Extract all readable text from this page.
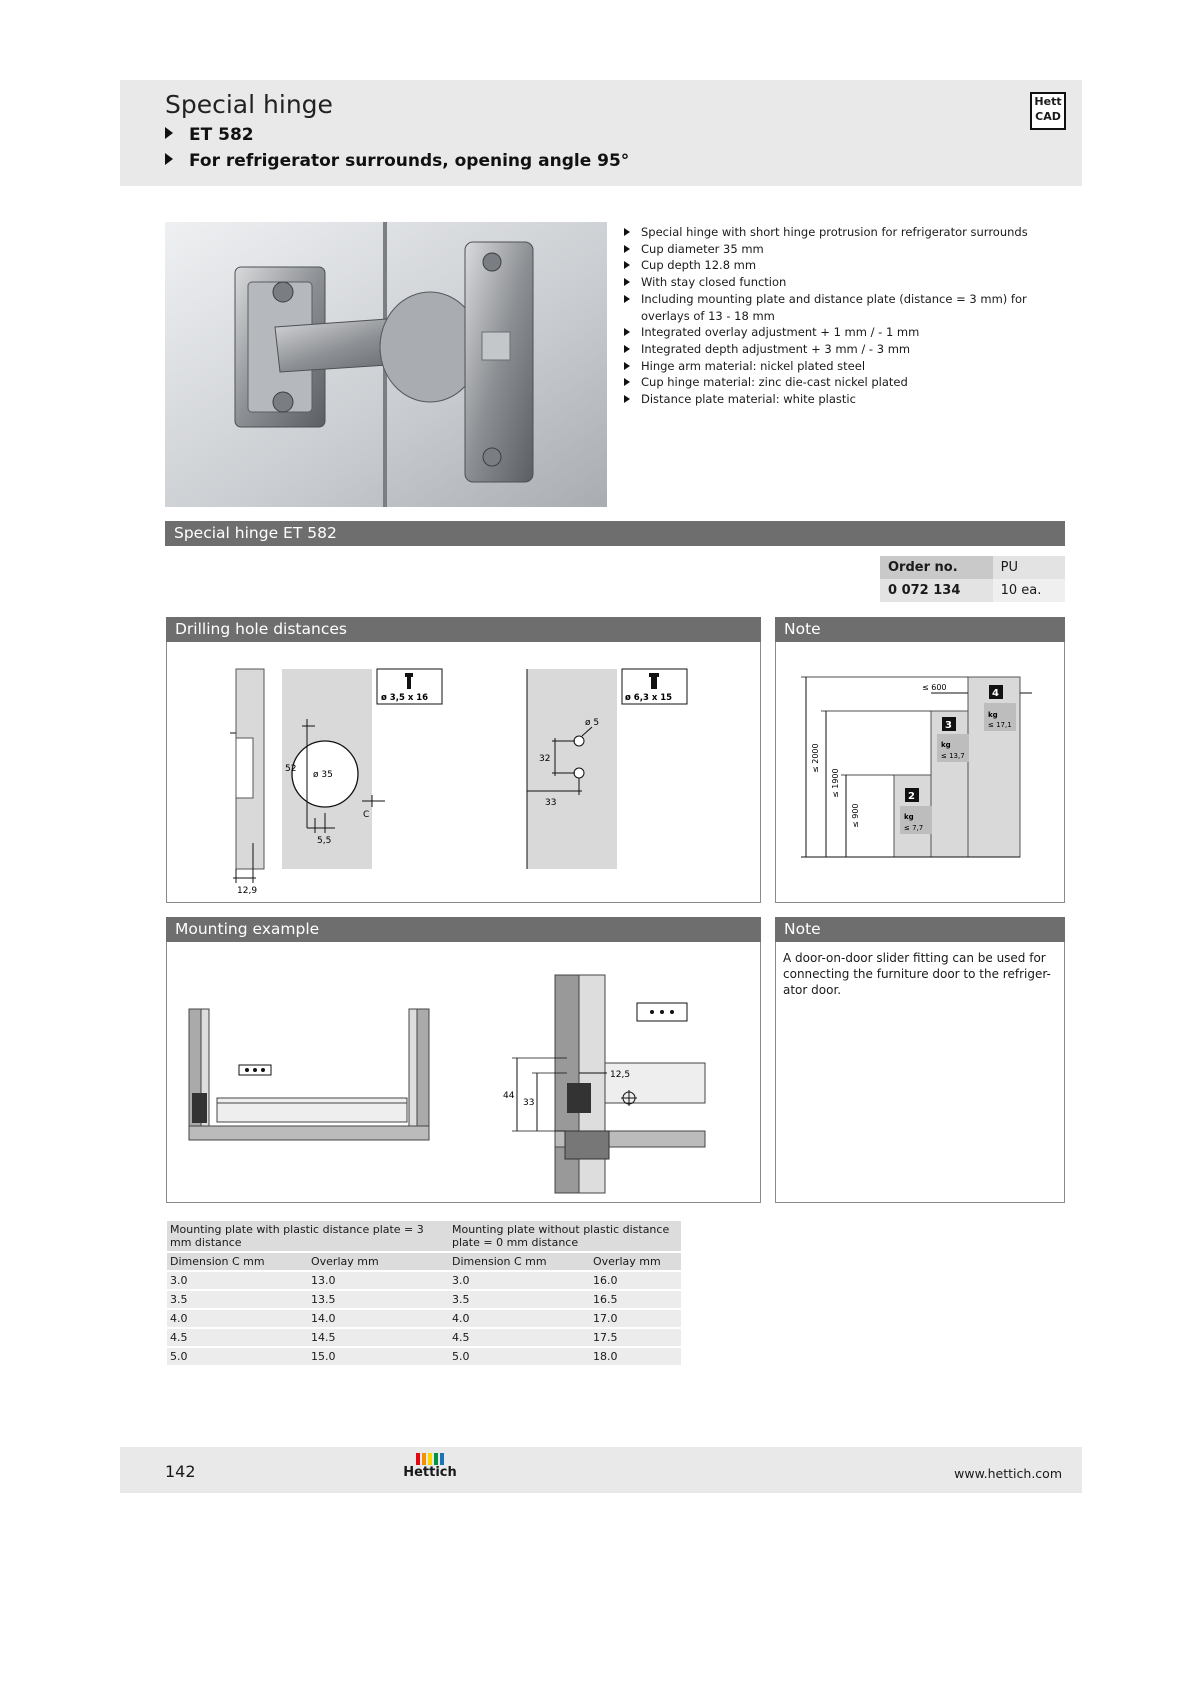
Special hinge
ET 582
For refrigerator surrounds, opening angle 95°
Hett
CAD
Special hinge with short hinge protrusion for refrigerator surrounds
Cup diameter 35 mm
Cup depth 12.8 mm
With stay closed function
Including mounting plate and distance plate (distance = 3 mm) for overlays of 13 - 18 mm
Integrated overlay adjustment + 1 mm / - 1 mm
Integrated depth adjustment + 3 mm / - 3 mm
Hinge arm material: nickel plated steel
Cup hinge material: zinc die-cast nickel plated
Distance plate material: white plastic
Special hinge ET 582
Order no.	PU
0 072 134	10 ea.
Drilling hole distances
12,9
52
ø 35
5,5
C
ø 3,5 x 16
32
ø 5
33
ø 6,3 x 15
Note
≤ 2000
≤ 1900
≤ 900
≤ 600
4
kg
≤ 17,1
3
kg
≤ 13,7
2
kg
≤ 7,7
Mounting example
12,5
44
33
Note
A door-on-door slider fitting can be used for connecting the furniture door to the refriger-ator door.
Mounting plate with plastic distance plate = 3 mm distance		Mounting plate without plastic distance plate = 0 mm distance	
Dimension C mm	Overlay mm	Dimension C mm	Overlay mm
3.0	13.0	3.0	16.0
3.5	13.5	3.5	16.5
4.0	14.0	4.0	17.0
4.5	14.5	4.5	17.5
5.0	15.0	5.0	18.0
142	Hettich	www.hettich.com
